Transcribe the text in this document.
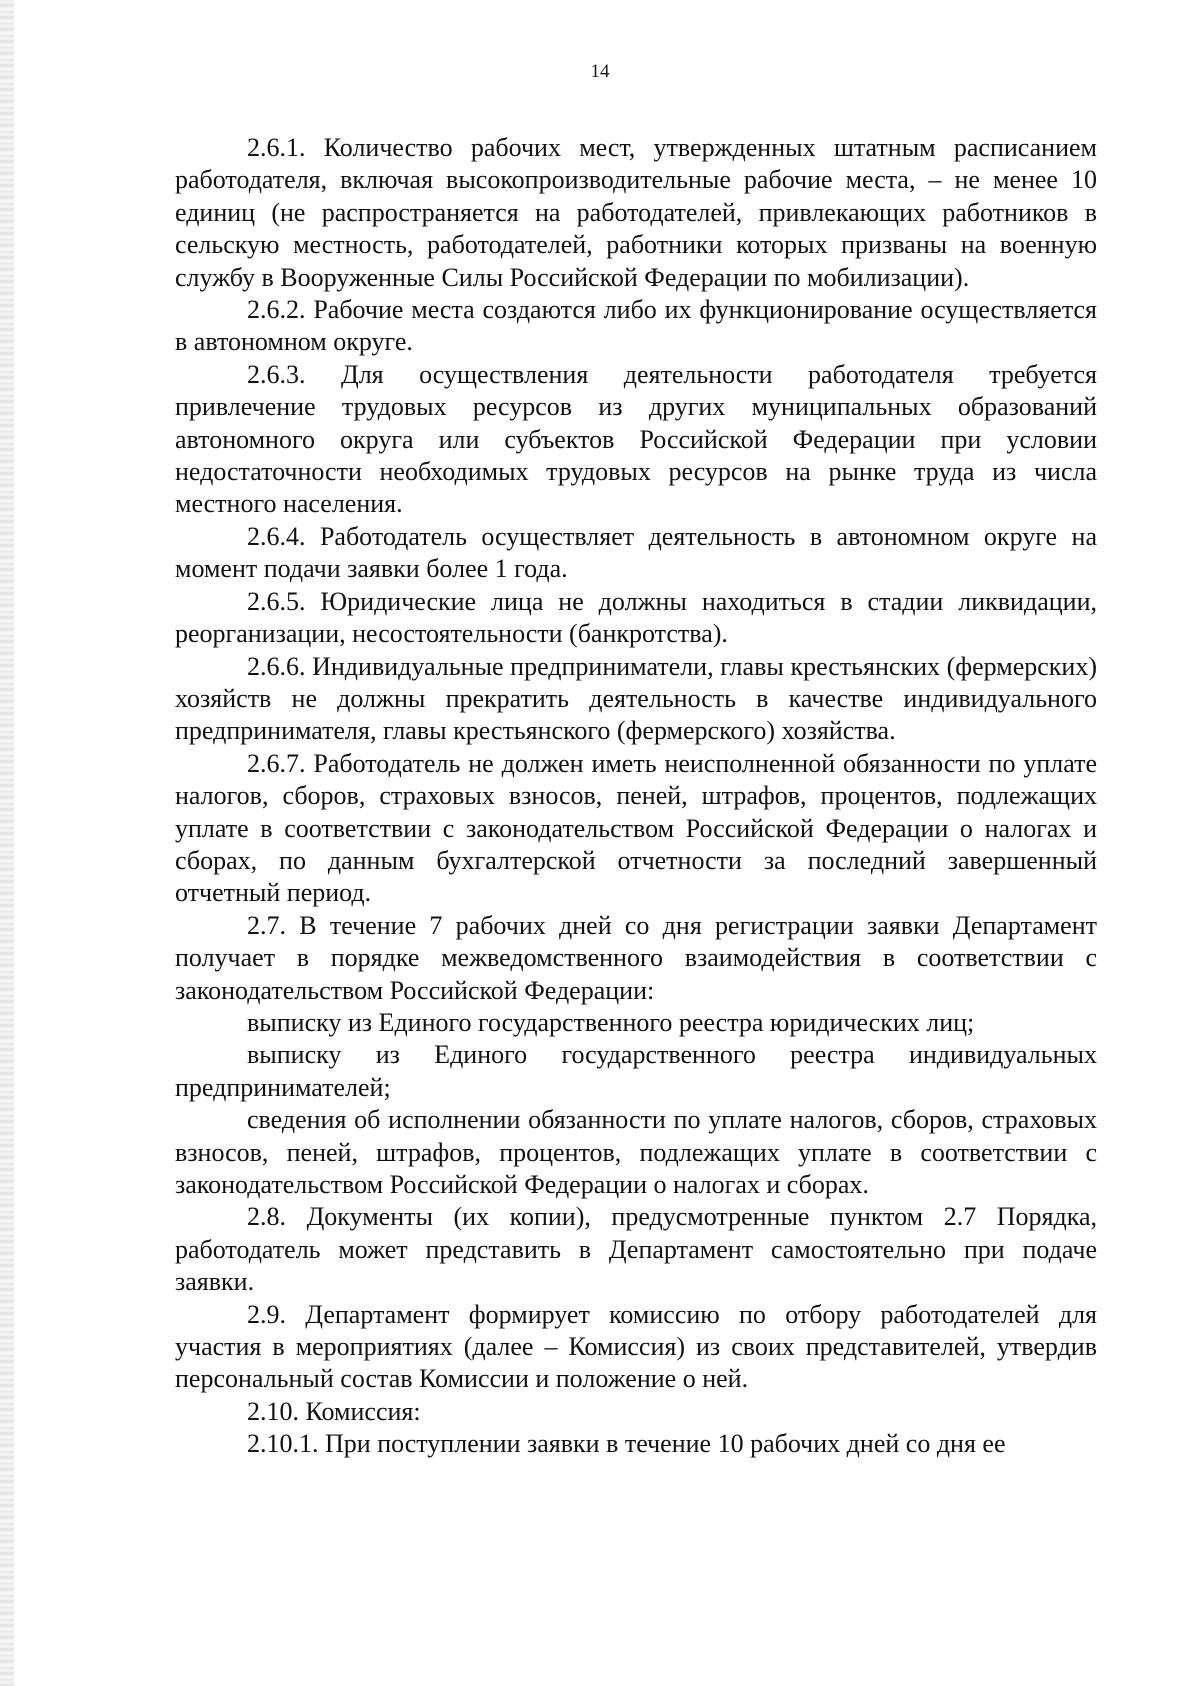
14

2.6.1. Количество рабочих мест, утвержденных штатным расписанием работодателя, включая высокопроизводительные рабочие места, – не менее 10 единиц (не распространяется на работодателей, привлекающих работников в сельскую местность, работодателей, работники которых призваны на военную службу в Вооруженные Силы Российской Федерации по мобилизации).

2.6.2. Рабочие места создаются либо их функционирование осуществляется в автономном округе.

2.6.3. Для осуществления деятельности работодателя требуется привлечение трудовых ресурсов из других муниципальных образований автономного округа или субъектов Российской Федерации при условии недостаточности необходимых трудовых ресурсов на рынке труда из числа местного населения.

2.6.4. Работодатель осуществляет деятельность в автономном округе на момент подачи заявки более 1 года.

2.6.5. Юридические лица не должны находиться в стадии ликвидации, реорганизации, несостоятельности (банкротства).

2.6.6. Индивидуальные предприниматели, главы крестьянских (фермерских) хозяйств не должны прекратить деятельность в качестве индивидуального предпринимателя, главы крестьянского (фермерского) хозяйства.

2.6.7. Работодатель не должен иметь неисполненной обязанности по уплате налогов, сборов, страховых взносов, пеней, штрафов, процентов, подлежащих уплате в соответствии с законодательством Российской Федерации о налогах и сборах, по данным бухгалтерской отчетности за последний завершенный отчетный период.

2.7. В течение 7 рабочих дней со дня регистрации заявки Департамент получает в порядке межведомственного взаимодействия в соответствии с законодательством Российской Федерации:

выписку из Единого государственного реестра юридических лиц;

выписку из Единого государственного реестра индивидуальных предпринимателей;

сведения об исполнении обязанности по уплате налогов, сборов, страховых взносов, пеней, штрафов, процентов, подлежащих уплате в соответствии с законодательством Российской Федерации о налогах и сборах.

2.8. Документы (их копии), предусмотренные пунктом 2.7 Порядка, работодатель может представить в Департамент самостоятельно при подаче заявки.

2.9. Департамент формирует комиссию по отбору работодателей для участия в мероприятиях (далее – Комиссия) из своих представителей, утвердив персональный состав Комиссии и положение о ней.

2.10. Комиссия:

2.10.1. При поступлении заявки в течение 10 рабочих дней со дня ее
